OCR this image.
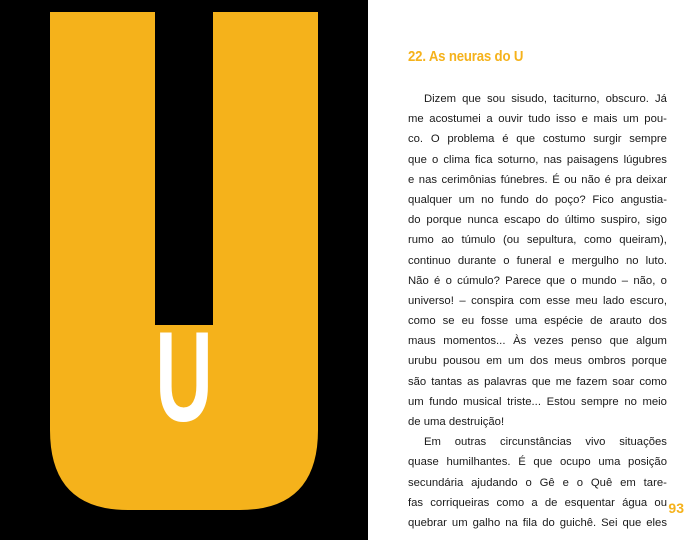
U
22. As neuras do U
Dizem que sou sisudo, taciturno, obscuro. Já
me acostumei a ouvir tudo isso e mais um pou-
co. O problema é que costumo surgir sempre
que o clima fica soturno, nas paisagens lúgubres
e nas cerimônias fúnebres. É ou não é pra deixar
qualquer um no fundo do poço? Fico angustia-
do porque nunca escapo do último suspiro, sigo
rumo ao túmulo (ou sepultura, como queiram),
continuo durante o funeral e mergulho no luto.
Não é o cúmulo? Parece que o mundo – não, o
universo! – conspira com esse meu lado escuro,
como se eu fosse uma espécie de arauto dos
maus momentos... Às vezes penso que algum
urubu pousou em um dos meus ombros porque
são tantas as palavras que me fazem soar como
um fundo musical triste... Estou sempre no meio
de uma destruição!
Em outras circunstâncias vivo situações
quase humilhantes. É que ocupo uma posição
secundária ajudando o Gê e o Quê em tare-
fas corriqueiras como a de esquentar água ou
quebrar um galho na fila do guichê. Sei que eles
93
